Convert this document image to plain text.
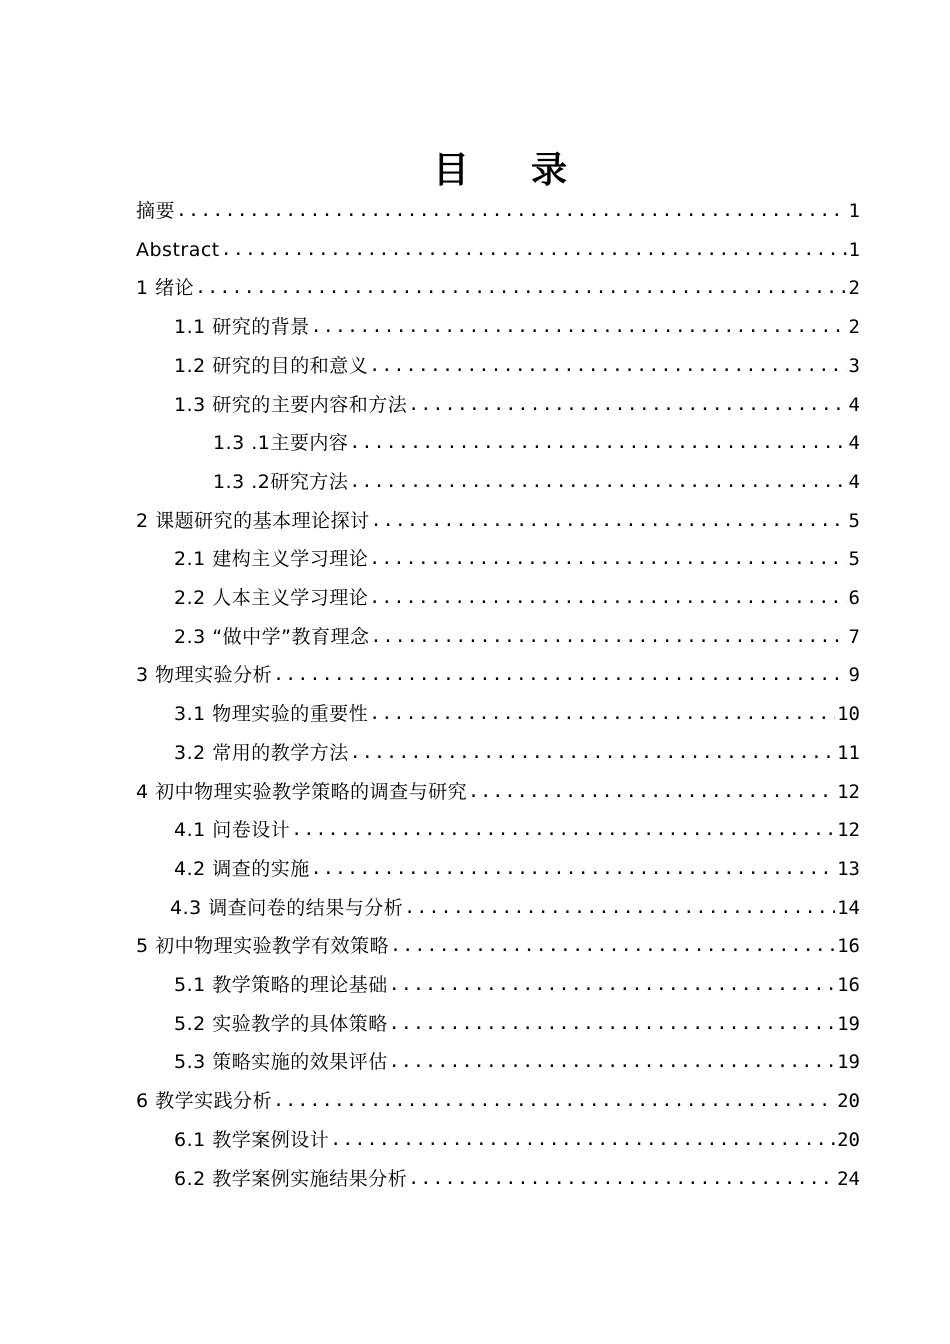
目 录
摘要 .....	1
Abstract .....	1
1 绪论 .....	2
1.1 研究的背景 .....	2
1.2 研究的目的和意义 .....	3
1.3 研究的主要内容和方法 .....	4
1.3 .1主要内容 .....	4
1.3 .2研究方法 .....	4
2 课题研究的基本理论探讨 .....	5
2.1 建构主义学习理论 .....	5
2.2 人本主义学习理论 .....	6
2.3 “做中学”教育理念 .....	7
3 物理实验分析 .....	9
3.1 物理实验的重要性 .....	10
3.2 常用的教学方法 .....	11
4 初中物理实验教学策略的调查与研究 .....	12
4.1 问卷设计 .....	12
4.2 调查的实施 .....	13
4.3 调查问卷的结果与分析 .....	14
5 初中物理实验教学有效策略 .....	16
5.1 教学策略的理论基础 .....	16
5.2 实验教学的具体策略 .....	19
5.3 策略实施的效果评估 .....	19
6 教学实践分析 .....	20
6.1 教学案例设计 .....	20
6.2 教学案例实施结果分析 .....	24
